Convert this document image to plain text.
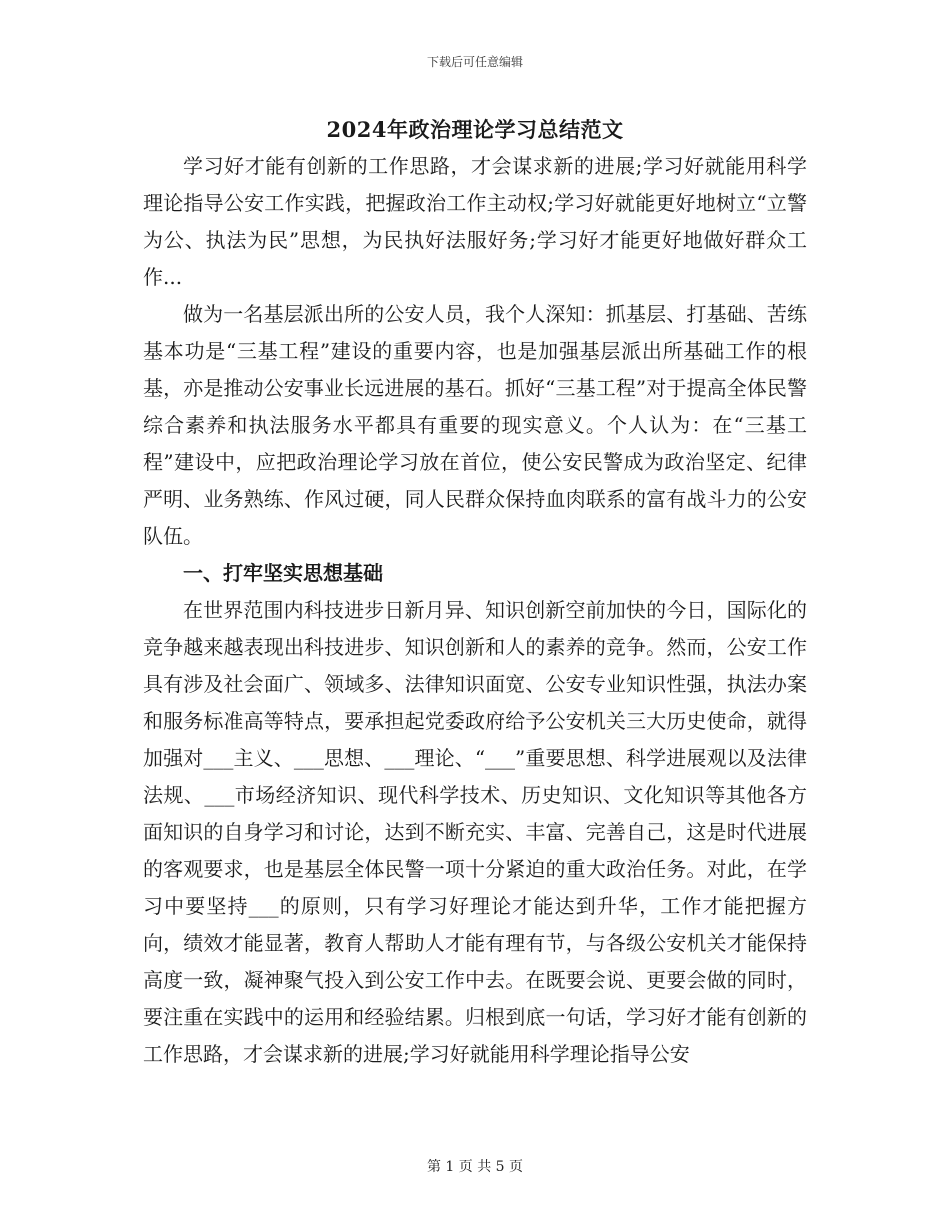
下载后可任意编辑
2024年政治理论学习总结范文

学习好才能有创新的工作思路，才会谋求新的进展;学习好就能用科学理论指导公安工作实践，把握政治工作主动权;学习好就能更好地树立“立警为公、执法为民”思想，为民执好法服好务;学习好才能更好地做好群众工作...

做为一名基层派出所的公安人员，我个人深知：抓基层、打基础、苦练基本功是“三基工程”建设的重要内容，也是加强基层派出所基础工作的根基，亦是推动公安事业长远进展的基石。抓好“三基工程”对于提高全体民警综合素养和执法服务水平都具有重要的现实意义。个人认为：在“三基工程”建设中，应把政治理论学习放在首位，使公安民警成为政治坚定、纪律严明、业务熟练、作风过硬，同人民群众保持血肉联系的富有战斗力的公安队伍。

一、打牢坚实思想基础

在世界范围内科技进步日新月异、知识创新空前加快的今日，国际化的竞争越来越表现出科技进步、知识创新和人的素养的竞争。然而，公安工作具有涉及社会面广、领域多、法律知识面宽、公安专业知识性强，执法办案和服务标准高等特点，要承担起党委政府给予公安机关三大历史使命，就得加强对___主义、___思想、___理论、“___”重要思想、科学进展观以及法律法规、___市场经济知识、现代科学技术、历史知识、文化知识等其他各方面知识的自身学习和讨论，达到不断充实、丰富、完善自己，这是时代进展的客观要求，也是基层全体民警一项十分紧迫的重大政治任务。对此，在学习中要坚持___的原则，只有学习好理论才能达到升华，工作才能把握方向，绩效才能显著，教育人帮助人才能有理有节，与各级公安机关才能保持高度一致，凝神聚气投入到公安工作中去。在既要会说、更要会做的同时，要注重在实践中的运用和经验结累。归根到底一句话，学习好才能有创新的工作思路，才会谋求新的进展;学习好就能用科学理论指导公安

第 1 页 共 5 页
